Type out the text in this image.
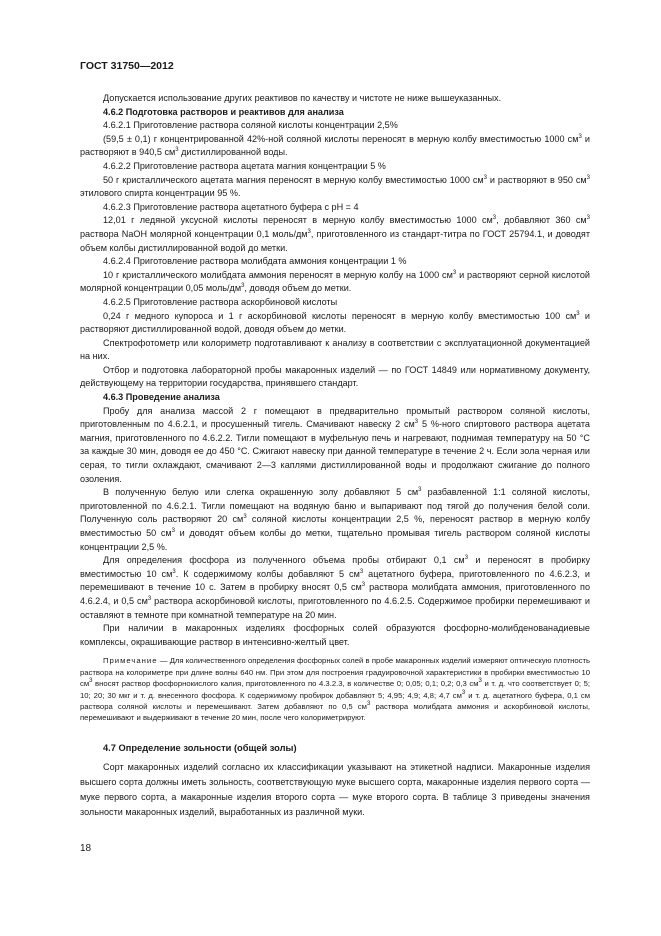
ГОСТ 31750—2012

Допускается использование других реактивов по качеству и чистоте не ниже вышеуказанных.

4.6.2 Подготовка растворов и реактивов для анализа

4.6.2.1 Приготовление раствора соляной кислоты концентрации 2,5%

(59,5 ± 0,1) г концентрированной 42%-ной соляной кислоты переносят в мерную колбу вместимостью 1000 $см^3$ и растворяют в 940,5 $см^3$ дистиллированной воды.

4.6.2.2 Приготовление раствора ацетата магния концентрации 5 %

50 г кристаллического ацетата магния переносят в мерную колбу вместимостью 1000 $см^3$ и растворяют в 950 $см^3$ этилового спирта концентрации 95 %.

4.6.2.3 Приготовление раствора ацетатного буфера с рН = 4

12,01 г ледяной уксусной кислоты переносят в мерную колбу вместимостью 1000 $см^3$, добавляют 360 $см^3$ раствора NaOH молярной концентрации 0,1 моль/$дм^3$, приготовленного из стандарт-титра по ГОСТ 25794.1, и доводят объем колбы дистиллированной водой до метки.

4.6.2.4 Приготовление раствора молибдата аммония концентрации 1 %

10 г кристаллического молибдата аммония переносят в мерную колбу на 1000 $см^3$ и растворяют серной кислотой молярной концентрации 0,05 моль/$дм^3$, доводя объем до метки.

4.6.2.5 Приготовление раствора аскорбиновой кислоты

0,24 г медного купороса и 1 г аскорбиновой кислоты переносят в мерную колбу вместимостью 100 $см^3$ и растворяют дистиллированной водой, доводя объем до метки.

Спектрофотометр или колориметр подготавливают к анализу в соответствии с эксплуатационной документацией на них.

Отбор и подготовка лабораторной пробы макаронных изделий — по ГОСТ 14849 или нормативному документу, действующему на территории государства, принявшего стандарт.

4.6.3 Проведение анализа

Пробу для анализа массой 2 г помещают в предварительно промытый раствором соляной кислоты, приготовленным по 4.6.2.1, и просушенный тигель. Смачивают навеску 2 $см^3$ 5 %-ного спиртового раствора ацетата магния, приготовленного по 4.6.2.2. Тигли помещают в муфельную печь и нагревают, поднимая температуру на 50 °С за каждые 30 мин, доводя ее до 450 °С. Сжигают навеску при данной температуре в течение 2 ч. Если зола черная или серая, то тигли охлаждают, смачивают 2—3 каплями дистиллированной воды и продолжают сжигание до полного озоления.

В полученную белую или слегка окрашенную золу добавляют 5 $см^3$ разбавленной 1:1 соляной кислоты, приготовленной по 4.6.2.1. Тигли помещают на водяную баню и выпаривают под тягой до получения белой соли. Полученную соль растворяют 20 $см^3$ соляной кислоты концентрации 2,5 %, переносят раствор в мерную колбу вместимостью 50 $см^3$ и доводят объем колбы до метки, тщательно промывая тигель раствором соляной кислоты концентрации 2,5 %.

Для определения фосфора из полученного объема пробы отбирают 0,1 $см^3$ и переносят в пробирку вместимостью 10 $см^3$. К содержимому колбы добавляют 5 $см^3$ ацетатного буфера, приготовленного по 4.6.2.3, и перемешивают в течение 10 с. Затем в пробирку вносят 0,5 $см^3$ раствора молибдата аммония, приготовленного по 4.6.2.4, и 0,5 $см^3$ раствора аскорбиновой кислоты, приготовленного по 4.6.2.5. Содержимое пробирки перемешивают и оставляют в темноте при комнатной температуре на 20 мин.

При наличии в макаронных изделиях фосфорных солей образуются фосфорно-молибденованадиевые комплексы, окрашивающие раствор в интенсивно-желтый цвет.

Примечание — Для количественного определения фосфорных солей в пробе макаронных изделий измеряют оптическую плотность раствора на колориметре при длине волны 640 нм. При этом для построения градуировочной характеристики в пробирки вместимостью 10 $см^3$ вносят раствор фосфорнокислого калия, приготовленного по 4.3.2.3, в количестве 0; 0,05; 0,1; 0,2; 0,3 $см^3$ и т. д. что соответствует 0; 5; 10; 20; 30 мкг и т. д. внесенного фосфора. К содержимому пробирок добавляют 5; 4,95; 4,9; 4,8; 4,7 $см^3$ и т. д. ацетатного буфера, 0,1 см раствора соляной кислоты и перемешивают. Затем добавляют по 0,5 $см^3$ раствора молибдата аммония и аскорбиновой кислоты, перемешивают и выдерживают в течение 20 мин, после чего колориметрируют.

4.7 Определение зольности (общей золы)

Сорт макаронных изделий согласно их классификации указывают на этикетной надписи. Макаронные изделия высшего сорта должны иметь зольность, соответствующую муке высшего сорта, макаронные изделия первого сорта — муке первого сорта, а макаронные изделия второго сорта — муке второго сорта. В таблице 3 приведены значения зольности макаронных изделий, выработанных из различной муки.

18
